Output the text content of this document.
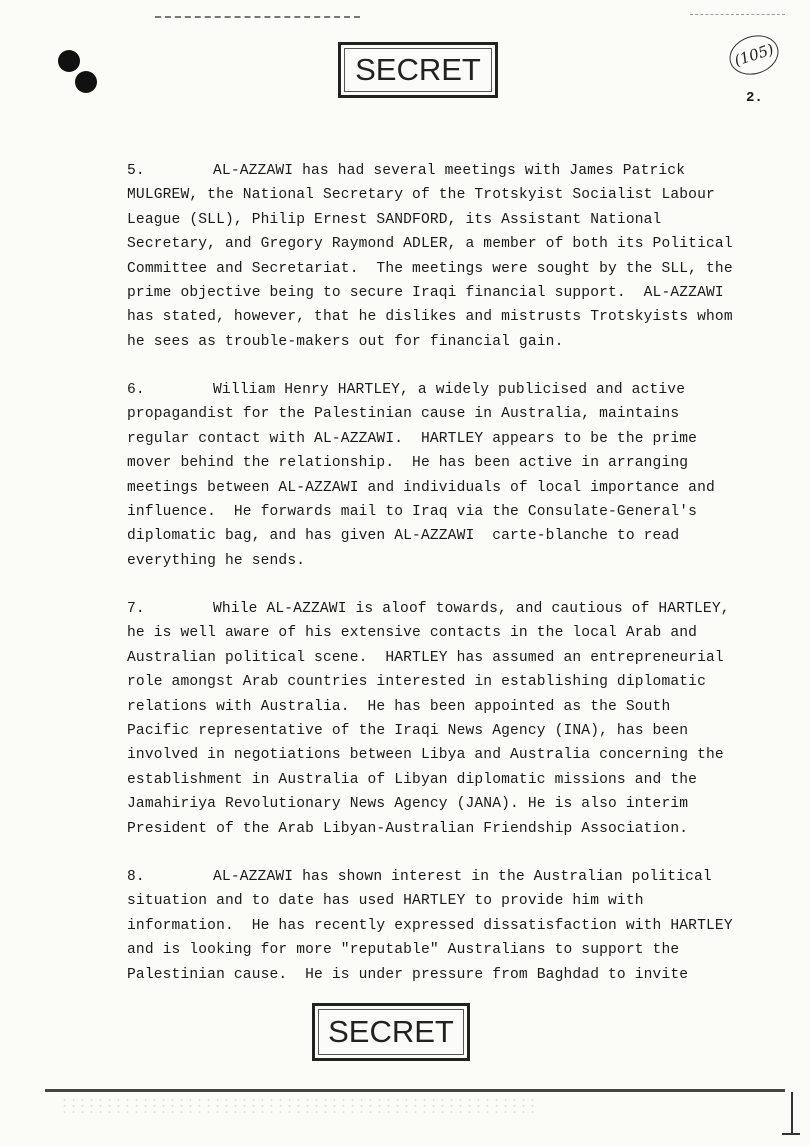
SECRET	(105)
2.
5.	AL-AZZAWI has had several meetings with James Patrick
MULGREW, the National Secretary of the Trotskyist Socialist Labour
League (SLL), Philip Ernest SANDFORD, its Assistant National
Secretary, and Gregory Raymond ADLER, a member of both its Political
Committee and Secretariat.  The meetings were sought by the SLL, the
prime objective being to secure Iraqi financial support.  AL-AZZAWI
has stated, however, that he dislikes and mistrusts Trotskyists whom
he sees as trouble-makers out for financial gain.
6.	William Henry HARTLEY, a widely publicised and active
propagandist for the Palestinian cause in Australia, maintains
regular contact with AL-AZZAWI.  HARTLEY appears to be the prime
mover behind the relationship.  He has been active in arranging
meetings between AL-AZZAWI and individuals of local importance and
influence.  He forwards mail to Iraq via the Consulate-General's
diplomatic bag, and has given AL-AZZAWI  carte-blanche to read
everything he sends.
7.	While AL-AZZAWI is aloof towards, and cautious of HARTLEY,
he is well aware of his extensive contacts in the local Arab and
Australian political scene.  HARTLEY has assumed an entrepreneurial
role amongst Arab countries interested in establishing diplomatic
relations with Australia.  He has been appointed as the South
Pacific representative of the Iraqi News Agency (INA), has been
involved in negotiations between Libya and Australia concerning the
establishment in Australia of Libyan diplomatic missions and the
Jamahiriya Revolutionary News Agency (JANA). He is also interim
President of the Arab Libyan-Australian Friendship Association.
8.	AL-AZZAWI has shown interest in the Australian political
situation and to date has used HARTLEY to provide him with
information.  He has recently expressed dissatisfaction with HARTLEY
and is looking for more "reputable" Australians to support the
Palestinian cause.  He is under pressure from Baghdad to invite
SECRET
